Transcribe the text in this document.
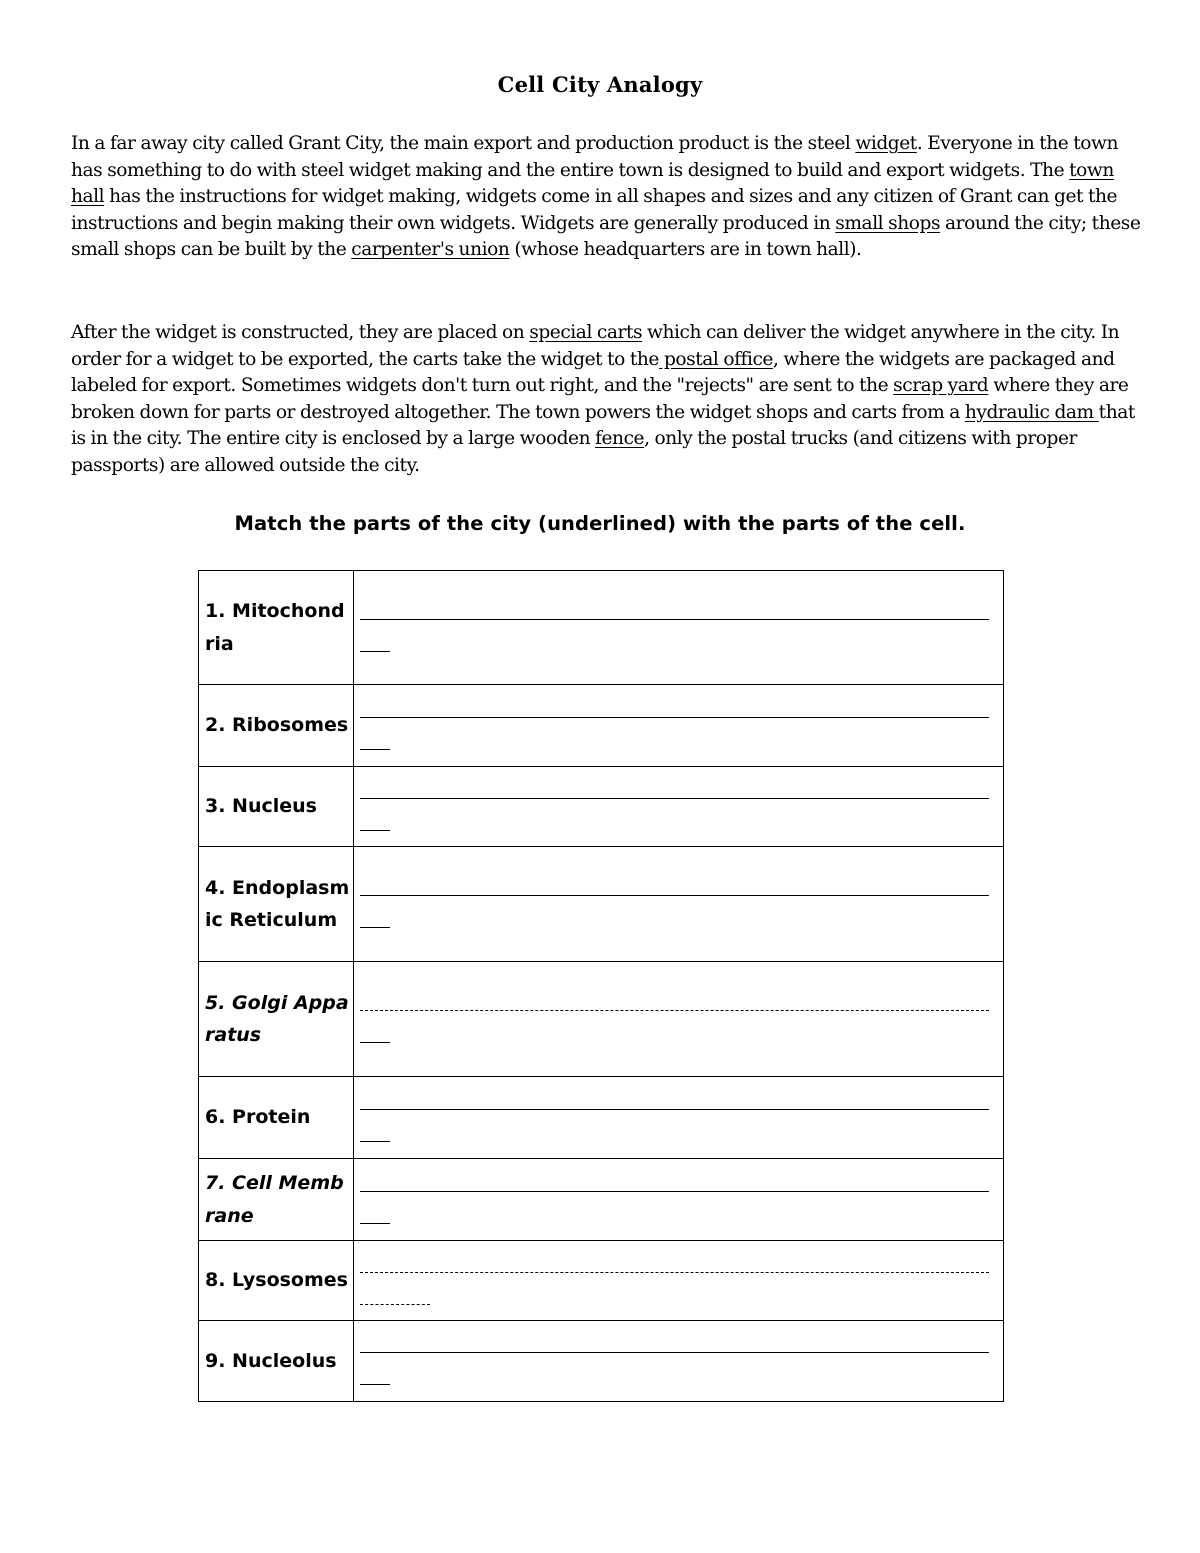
Cell City Analogy

In a far away city called Grant City, the main export and production product is the steel widget. Everyone in the town has something to do with steel widget making and the entire town is designed to build and export widgets. The town hall has the instructions for widget making, widgets come in all shapes and sizes and any citizen of Grant can get the instructions and begin making their own widgets. Widgets are generally produced in small shops around the city; these small shops can be built by the carpenter's union (whose headquarters are in town hall).

After the widget is constructed, they are placed on special carts which can deliver the widget anywhere in the city. In order for a widget to be exported, the carts take the widget to the postal office, where the widgets are packaged and labeled for export. Sometimes widgets don't turn out right, and the "rejects" are sent to the scrap yard where they are broken down for parts or destroyed altogether. The town powers the widget shops and carts from a hydraulic dam that is in the city. The entire city is enclosed by a large wooden fence, only the postal trucks (and citizens with proper passports) are allowed outside the city.

Match the parts of the city (underlined) with the parts of the cell.
1. Mitochondria	

2. Ribosomes	

3. Nucleus	

4. Endoplasmic Reticulum	

5. Golgi Apparatus	

6. Protein	

7. Cell Membrane	

8. Lysosomes	

9. Nucleolus	
